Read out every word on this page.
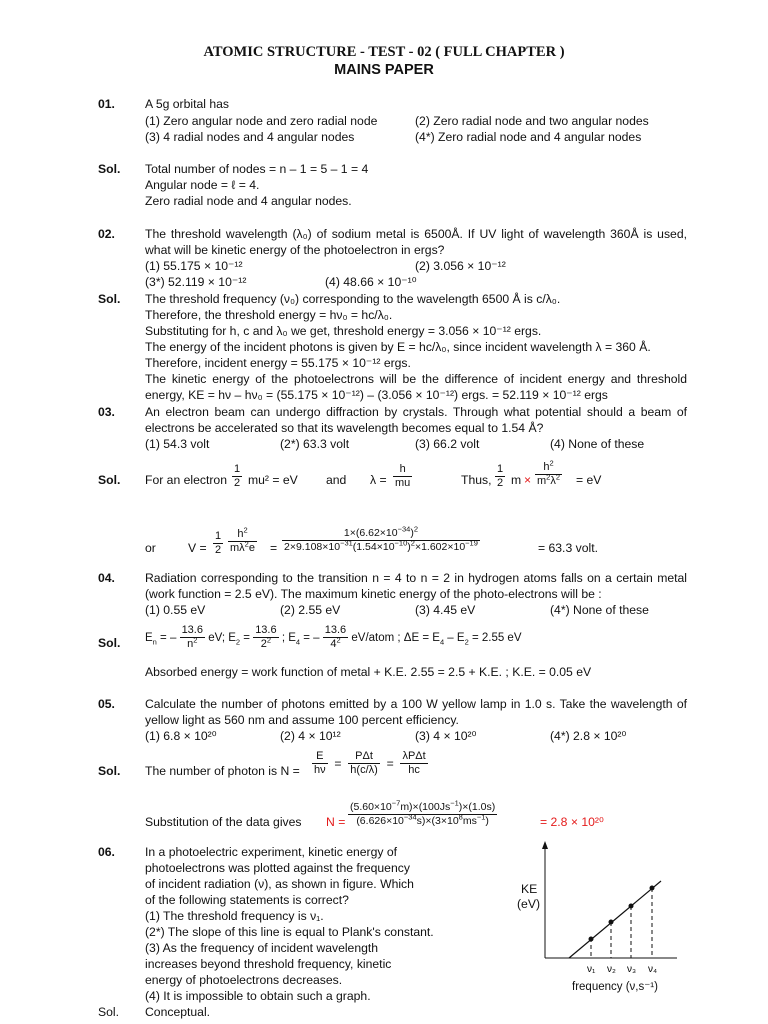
ATOMIC STRUCTURE - TEST - 02 ( FULL CHAPTER )
MAINS PAPER
01. A 5g orbital has
(1) Zero angular node and zero radial node	(2) Zero radial node and two angular nodes
(3) 4 radial nodes and 4 angular nodes	(4*) Zero radial node and 4 angular nodes
Sol. Total number of nodes = n – 1 = 5 – 1 = 4
Angular node = ℓ = 4.
Zero radial node and 4 angular nodes.
02. The threshold wavelength (λ₀) of sodium metal is 6500Å. If UV light of wavelength 360Å is used,
what will be kinetic energy of the photoelectron in ergs?
(1) 55.175 × 10⁻¹²	(2) 3.056 × 10⁻¹²
(3*) 52.119 × 10⁻¹²	(4) 48.66 × 10⁻¹⁰
Sol. The threshold frequency (ν₀) corresponding to the wavelength 6500 Å is c/λ₀.
Therefore, the threshold energy = hν₀ = hc/λ₀.
Substituting for h, c and λ₀ we get, threshold energy = 3.056 × 10⁻¹² ergs.
The energy of the incident photons is given by E = hc/λ₀, since incident wavelength λ = 360 Å.
Therefore, incident energy = 55.175 × 10⁻¹² ergs.
The kinetic energy of the photoelectrons will be the difference of incident energy and threshold
energy, KE = hν – hν₀ = (55.175 × 10⁻¹²) – (3.056 × 10⁻¹²) ergs. = 52.119 × 10⁻¹² ergs
03. An electron beam can undergo diffraction by crystals. Through what potential should a beam of
electrons be accelerated so that its wavelength becomes equal to 1.54 Å?
(1) 54.3 volt	(2*) 63.3 volt	(3) 66.2 volt	(4) None of these
Sol. For an electron $\frac{1}{2} mu^2$ = eV and $\lambda = \frac{h}{mu}$	Thus, $\frac{1}{2}$ $m \times \frac{h^2}{m^2\lambda^2}$ = eV
or	$V = \frac{1}{2} \frac{h^2}{m\lambda^2e} = \frac{1\times(6.62\times 10^{-34})^2}{2\times 9.108\times 10^{-31}(1.54\times 10^{-10})^2\times 1.602\times 10^{-19}}$	= 63.3 volt.
04. Radiation corresponding to the transition n = 4 to n = 2 in hydrogen atoms falls on a certain metal
(work function = 2.5 eV). The maximum kinetic energy of the photo-electrons will be :
(1) 0.55 eV	(2) 2.55 eV	(3) 4.45 eV	(4*) None of these
Sol. $E_n$ = – $\frac{13.6}{n^2}$ eV; $E_2 = \frac{13.6}{2^2}$ ; $E_4$ = – $\frac{13.6}{4^2}$ eV/atom ; $\Delta E = E_4 - E_2 = 2.55$ eV
Absorbed energy = work function of metal + K.E. 2.55 = 2.5 + K.E. ; K.E. = 0.05 eV
05. Calculate the number of photons emitted by a 100 W yellow lamp in 1.0 s. Take the wavelength of
yellow light as 560 nm and assume 100 percent efficiency.
(1) 6.8 × 10²⁰	(2) 4 × 10¹²	(3) 4 × 10²⁰	(4*) 2.8 × 10²⁰
Sol. The number of photon is $N = \frac{E}{h\nu} = \frac{\text{PΔt}}{h(c/\lambda)} = \frac{\text{λPΔt}}{hc}$
Substitution of the data gives $N = \frac{(5.60\times 10^{-7}m)\times(100Js^{-1})\times(1.0s)}{(6.626\times 10^{-34}s)\times(3\times 10^8ms^{-1})}$	= 2.8 × 10²⁰
06. In a photoelectric experiment, kinetic energy of
photoelectrons was plotted against the frequency
of incident radiation (ν), as shown in figure. Which
of the following statements is correct?
(1) The threshold frequency is ν₁.
(2*) The slope of this line is equal to Plank's constant.
(3) As the frequency of incident wavelength
increases beyond threshold frequency, kinetic
energy of photoelectrons decreases.
(4) It is impossible to obtain such a graph.
Sol. Conceptual.
KE
(eV)
ν₁ ν₂ ν₃ ν₄
frequency (ν,s⁻¹)
